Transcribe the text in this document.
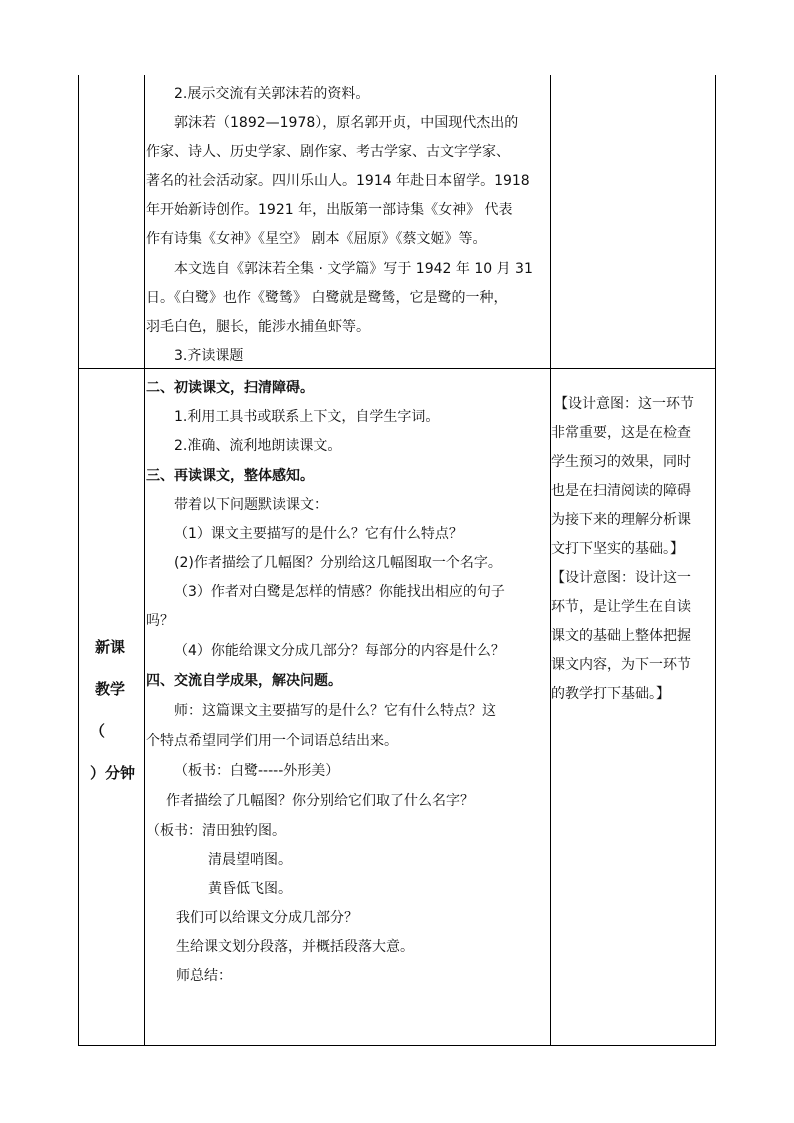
2.展示交流有关郭沫若的资料。
郭沫若（1892—1978），原名郭开贞，中国现代杰出的
作家、诗人、历史学家、剧作家、考古学家、古文字学家、
著名的社会活动家。四川乐山人。1914 年赴日本留学。1918
年开始新诗创作。1921 年，出版第一部诗集《女神》 代表
作有诗集《女神》《星空》 剧本《屈原》《蔡文姬》等。
本文选自《郭沫若全集 · 文学篇》写于 1942 年 10 月 31
日。《白鹭》也作《鹭鸶》 白鹭就是鹭鸶，它是鹭的一种，
羽毛白色，腿长，能涉水捕鱼虾等。
3.齐读课题
新课
教学
（
）分钟
二、初读课文，扫清障碍。
1.利用工具书或联系上下文，自学生字词。
2.准确、流利地朗读课文。
三、再读课文，整体感知。
带着以下问题默读课文：
（1）课文主要描写的是什么？它有什么特点？
(2)作者描绘了几幅图？分别给这几幅图取一个名字。
（3）作者对白鹭是怎样的情感？你能找出相应的句子
吗？
（4）你能给课文分成几部分？每部分的内容是什么？
四、交流自学成果，解决问题。
师：这篇课文主要描写的是什么？它有什么特点？这
个特点希望同学们用一个词语总结出来。
（板书：白鹭-----外形美）
作者描绘了几幅图？你分别给它们取了什么名字？
（板书：清田独钓图。
清晨望哨图。
黄昏低飞图。
我们可以给课文分成几部分？
生给课文划分段落，并概括段落大意。
师总结：
【设计意图：这一环节
非常重要，这是在检查
学生预习的效果，同时
也是在扫清阅读的障碍
为接下来的理解分析课
文打下坚实的基础。】
【设计意图：设计这一
环节，是让学生在自读
课文的基础上整体把握
课文内容，为下一环节
的教学打下基础。】
